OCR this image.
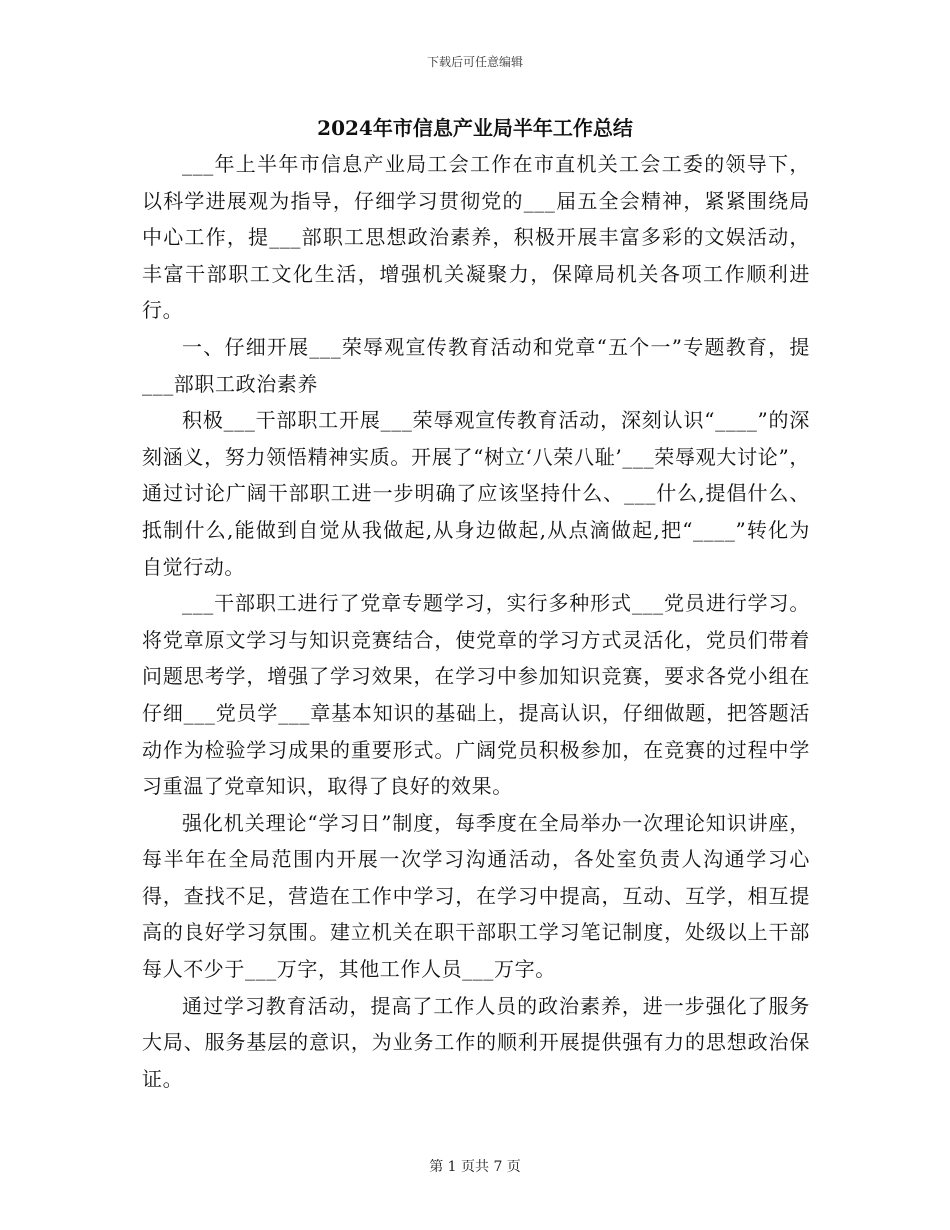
下载后可任意编辑
2024年市信息产业局半年工作总结

___年上半年市信息产业局工会工作在市直机关工会工委的领导下，以科学进展观为指导，仔细学习贯彻党的___届五全会精神，紧紧围绕局中心工作，提___部职工思想政治素养，积极开展丰富多彩的文娱活动，丰富干部职工文化生活，增强机关凝聚力，保障局机关各项工作顺利进行。

一、仔细开展___荣辱观宣传教育活动和党章“五个一”专题教育，提___部职工政治素养

积极___干部职工开展___荣辱观宣传教育活动，深刻认识“____”的深刻涵义，努力领悟精神实质。开展了“树立‘八荣八耻’___荣辱观大讨论”，通过讨论广阔干部职工进一步明确了应该坚持什么、___什么,提倡什么、抵制什么,能做到自觉从我做起,从身边做起,从点滴做起,把“____”转化为自觉行动。

___干部职工进行了党章专题学习，实行多种形式___党员进行学习。将党章原文学习与知识竞赛结合，使党章的学习方式灵活化，党员们带着问题思考学，增强了学习效果，在学习中参加知识竞赛，要求各党小组在仔细___党员学___章基本知识的基础上，提高认识，仔细做题，把答题活动作为检验学习成果的重要形式。广阔党员积极参加，在竞赛的过程中学习重温了党章知识，取得了良好的效果。

强化机关理论“学习日”制度，每季度在全局举办一次理论知识讲座，每半年在全局范围内开展一次学习沟通活动，各处室负责人沟通学习心得，查找不足，营造在工作中学习，在学习中提高，互动、互学，相互提高的良好学习氛围。建立机关在职干部职工学习笔记制度，处级以上干部每人不少于___万字，其他工作人员___万字。

通过学习教育活动，提高了工作人员的政治素养，进一步强化了服务大局、服务基层的意识，为业务工作的顺利开展提供强有力的思想政治保证。

第 1 页共 7 页
